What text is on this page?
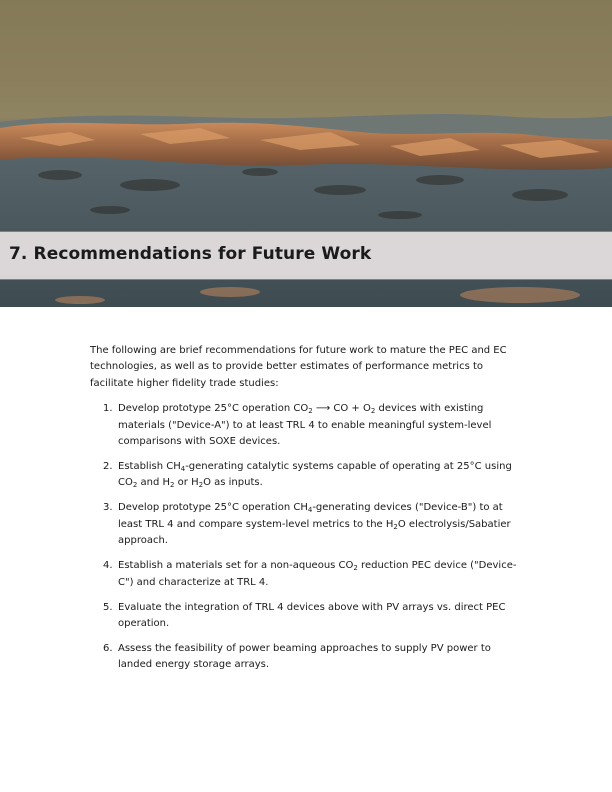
7. Recommendations for Future Work

The following are brief recommendations for future work to mature the PEC and EC technologies, as well as to provide better estimates of performance metrics to facilitate higher fidelity trade studies:

1. Develop prototype 25°C operation $CO_2$ ⟶ CO + $O_2$ devices with existing materials ("Device-A") to at least TRL 4 to enable meaningful system-level comparisons with SOXE devices.
2. Establish $CH_4$-generating catalytic systems capable of operating at 25°C using $CO_2$ and $H_2$ or $H_2O$ as inputs.
3. Develop prototype 25°C operation $CH_4$-generating devices ("Device-B") to at least TRL 4 and compare system-level metrics to the $H_2O$ electrolysis/Sabatier approach.
4. Establish a materials set for a non-aqueous $CO_2$ reduction PEC device ("Device-C") and characterize at TRL 4.
5. Evaluate the integration of TRL 4 devices above with PV arrays vs. direct PEC operation.
6. Assess the feasibility of power beaming approaches to supply PV power to landed energy storage arrays.
